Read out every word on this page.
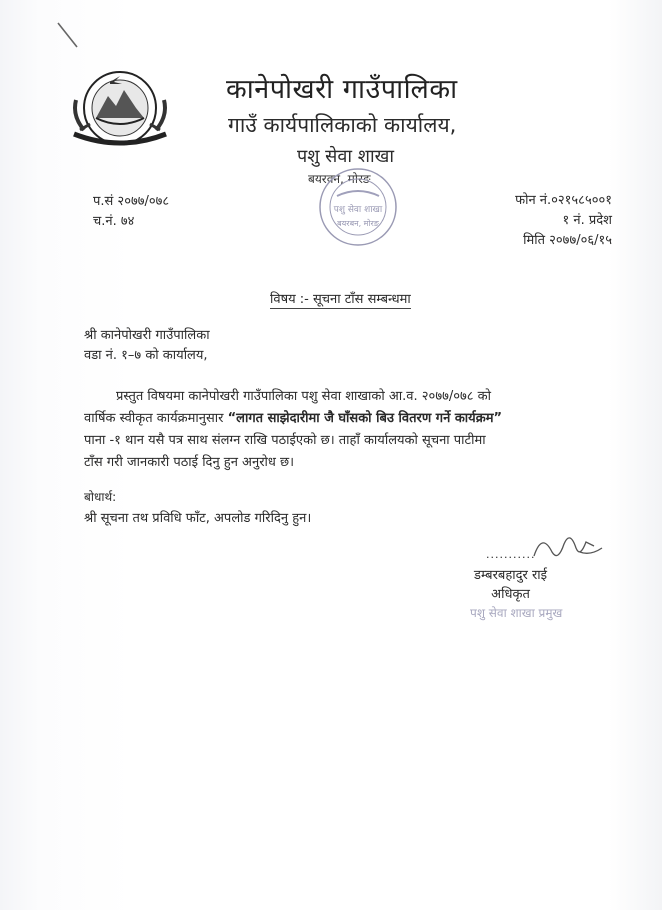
कानेपोखरी गाउँपालिका
गाउँ कार्यपालिकाको कार्यालय,
पशु सेवा शाखा
बयरवन, मोरङ
पशु सेवा शाखा
बयरबन, मोरङ
प.सं २०७७/०७८
च.नं. ७४
फोन नं.०२१५८५००१
१ नं. प्रदेश
मिति २०७७/०६/१५
विषय :- सूचना टाँस सम्बन्धमा
श्री कानेपोखरी गाउँपालिका
वडा नं. १–७ को कार्यालय,

प्रस्तुत विषयमा कानेपोखरी गाउँपालिका पशु सेवा शाखाको आ.व. २०७७/०७८ को

वार्षिक स्वीकृत कार्यक्रमानुसार “लागत साझेदारीमा जै घाँसको बिउ वितरण गर्ने कार्यक्रम”

पाना -१ थान यसै पत्र साथ संलग्न राखि पठाईएको छ। ताहाँ कार्यालयको सूचना पाटीमा

टाँस गरी जानकारी पठाई दिनु हुन अनुरोध छ।

बोधार्थ:
श्री सूचना तथ प्रविधि फाँट, अपलोड गरिदिनु हुन।
...........
डम्बरबहादुर राई
अधिकृत
पशु सेवा शाखा प्रमुख
